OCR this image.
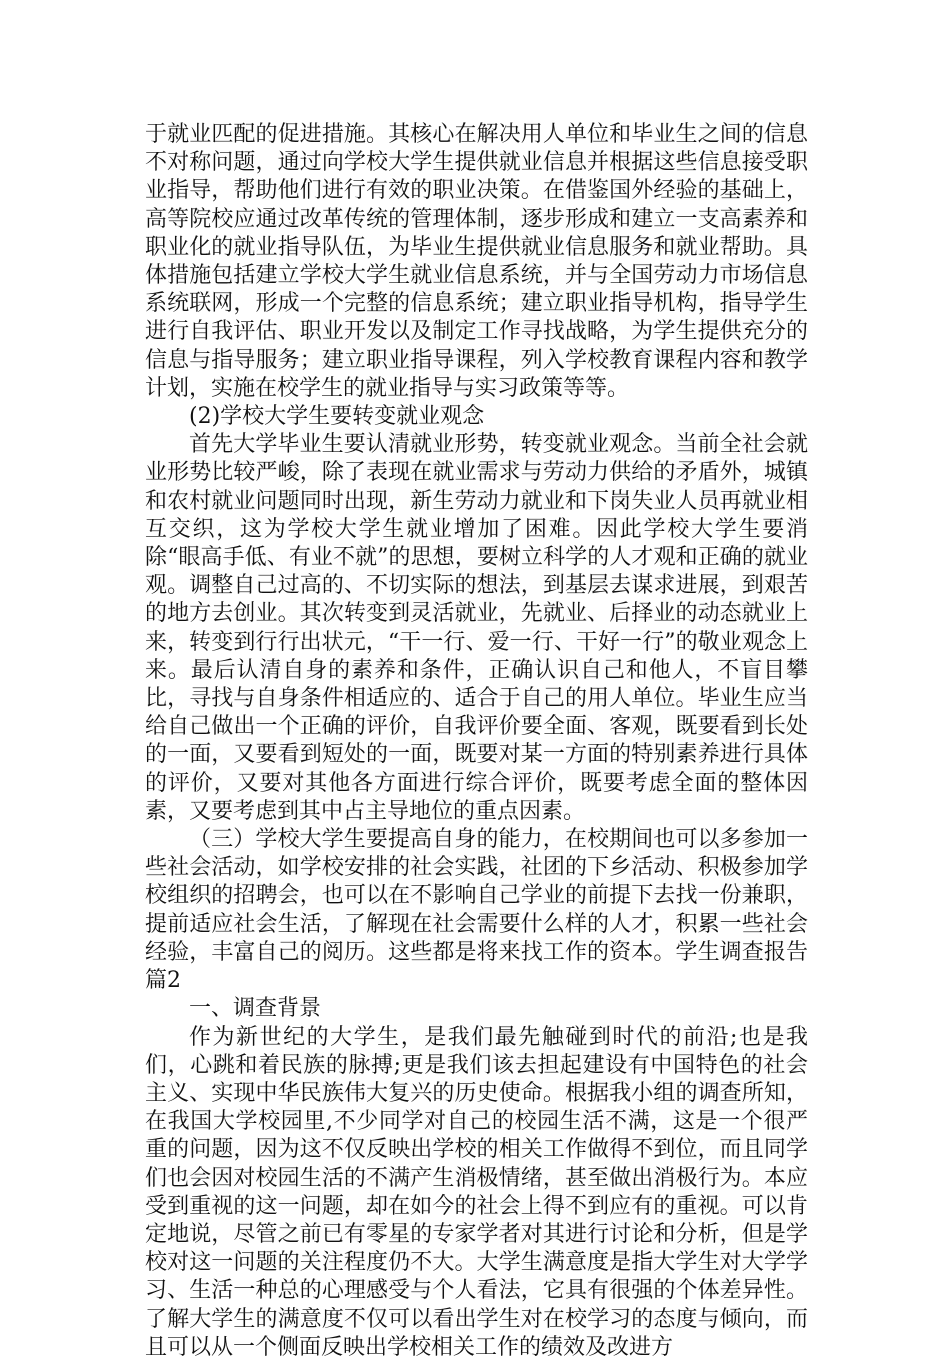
于就业匹配的促进措施。其核心在解决用人单位和毕业生之间的信息不对称问题，通过向学校大学生提供就业信息并根据这些信息接受职业指导，帮助他们进行有效的职业决策。在借鉴国外经验的基础上，高等院校应通过改革传统的管理体制，逐步形成和建立一支高素养和职业化的就业指导队伍，为毕业生提供就业信息服务和就业帮助。具体措施包括建立学校大学生就业信息系统，并与全国劳动力市场信息系统联网，形成一个完整的信息系统；建立职业指导机构，指导学生进行自我评估、职业开发以及制定工作寻找战略，为学生提供充分的信息与指导服务；建立职业指导课程，列入学校教育课程内容和教学计划，实施在校学生的就业指导与实习政策等等。

(2)学校大学生要转变就业观念

首先大学毕业生要认清就业形势，转变就业观念。当前全社会就业形势比较严峻，除了表现在就业需求与劳动力供给的矛盾外，城镇和农村就业问题同时出现，新生劳动力就业和下岗失业人员再就业相互交织，这为学校大学生就业增加了困难。因此学校大学生要消除“眼高手低、有业不就”的思想，要树立科学的人才观和正确的就业观。调整自己过高的、不切实际的想法，到基层去谋求进展，到艰苦的地方去创业。其次转变到灵活就业，先就业、后择业的动态就业上来，转变到行行出状元，“干一行、爱一行、干好一行”的敬业观念上来。最后认清自身的素养和条件，正确认识自己和他人，不盲目攀比，寻找与自身条件相适应的、适合于自己的用人单位。毕业生应当给自己做出一个正确的评价，自我评价要全面、客观，既要看到长处的一面，又要看到短处的一面，既要对某一方面的特别素养进行具体的评价，又要对其他各方面进行综合评价，既要考虑全面的整体因素，又要考虑到其中占主导地位的重点因素。

（三）学校大学生要提高自身的能力，在校期间也可以多参加一些社会活动，如学校安排的社会实践，社团的下乡活动、积极参加学校组织的招聘会，也可以在不影响自己学业的前提下去找一份兼职，提前适应社会生活，了解现在社会需要什么样的人才，积累一些社会经验，丰富自己的阅历。这些都是将来找工作的资本。学生调查报告 篇2

一、调查背景

作为新世纪的大学生，是我们最先触碰到时代的前沿;也是我们，心跳和着民族的脉搏;更是我们该去担起建设有中国特色的社会主义、实现中华民族伟大复兴的历史使命。根据我小组的调查所知，在我国大学校园里,不少同学对自己的校园生活不满，这是一个很严重的问题，因为这不仅反映出学校的相关工作做得不到位，而且同学们也会因对校园生活的不满产生消极情绪，甚至做出消极行为。本应受到重视的这一问题，却在如今的社会上得不到应有的重视。可以肯定地说，尽管之前已有零星的专家学者对其进行讨论和分析，但是学校对这一问题的关注程度仍不大。大学生满意度是指大学生对大学学习、生活一种总的心理感受与个人看法，它具有很强的个体差异性。了解大学生的满意度不仅可以看出学生对在校学习的态度与倾向，而且可以从一个侧面反映出学校相关工作的绩效及改进方
